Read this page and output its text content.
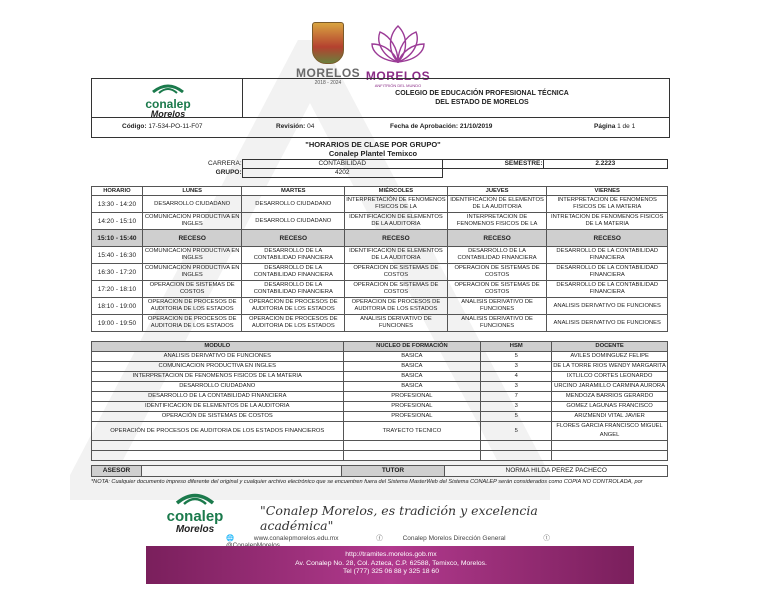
MORELOS
2018 - 2024	MORELOS
ANFITRIÓN DEL MUNDO
conalep
Morelos
COLEGIO DE EDUCACIÓN PROFESIONAL TÉCNICA
DEL ESTADO DE MORELOS
Código: 17-534-PO-11-F07	Revisión: 04	Fecha de Aprobación: 21/10/2019	Página 1 de 1
"HORARIOS DE CLASE POR GRUPO"
Conalep Plantel Temixco
CARRERA:	CONTABILIDAD	SEMESTRE:	2.2223
GRUPO:	4202		
HORARIO	LUNES	MARTES	MIÉRCOLES	JUEVES	VIERNES
13:30 - 14:20	DESARROLLO CIUDADANO	DESARROLLO CIUDADANO	INTERPRETACIÓN DE FENOMENOS FISICOS DE LA	IDENTIFICACION DE ELEMENTOS DE LA AUDITORIA	INTERPRETACION DE FENOMENOS FISICOS DE LA MATERIA
14:20 - 15:10	COMUNICACION PRODUCTIVA EN INGLES	DESARROLLO CIUDADANO	IDENTIFICACION DE ELEMENTOS DE LA AUDITORIA	INTERPRETACION DE FENOMENOS FISICOS DE LA	INTRETACION DE FENOMENOS FISICOS DE LA MATERIA
15:10 - 15:40	RECESO	RECESO	RECESO	RECESO	RECESO
15:40 - 16:30	COMUNICACION PRODUCTIVA EN INGLES	DESARROLLO DE LA CONTABILIDAD FINANCIERA	IDENTIFICACION DE ELEMENTOS DE LA AUDITORIA	DESARROLLO DE LA CONTABILIDAD FINANCIERA	DESARROLLO DE LA CONTABILIDAD FINANCIERA
16:30 - 17:20	COMUNICACION PRODUCTIVA EN INGLES	DESARROLLO DE LA CONTABILIDAD FINANCIERA	OPERACION DE SISTEMAS DE COSTOS	OPERACION DE SISTEMAS DE COSTOS	DESARROLLO DE LA CONTABILIDAD FINANCIERA
17:20 - 18:10	OPERACION DE SISTEMAS DE COSTOS	DESARROLLO DE LA CONTABILIDAD FINANCIERA	OPERACION DE SISTEMAS DE COSTOS	OPERACION DE SISTEMAS DE COSTOS	DESARROLLO DE LA CONTABILIDAD FINANCIERA
18:10 - 19:00	OPERACION DE PROCESOS DE AUDITORIA DE LOS ESTADOS	OPERACION DE PROCESOS DE AUDITORIA DE LOS ESTADOS	OPERACION DE PROCESOS DE AUDITORIA DE LOS ESTADOS	ANALISIS DERIVATIVO DE FUNCIONES	ANALISIS DERIVATIVO DE FUNCIONES
19:00 - 19:50	OPERACION DE PROCESOS DE AUDITORIA DE LOS ESTADOS	OPERACION DE PROCESOS DE AUDITORIA DE LOS ESTADOS	ANALISIS DERIVATIVO DE FUNCIONES	ANALISIS DERIVATIVO DE FUNCIONES	ANALISIS DERIVATIVO DE FUNCIONES
MODULO	NUCLEO DE FORMACIÓN	HSM	DOCENTE
ANALISIS DERIVATIVO DE FUNCIONES	BASICA	5	AVILES DOMINGUEZ FELIPE
COMUNICACION PRODUCTIVA EN INGLES	BASICA	3	DE LA TORRE RIOS WENDY MARGARITA
INTERPRETACION DE FENOMENOS FISICOS DE LA MATERIA	BASICA	4	IXTLILCO CORTES LEONARDO
DESARROLLO CIUDADANO	BASICA	3	URCINO JARAMILLO CARMINA AURORA
DESARROLLO DE LA CONTABILIDAD FINANCIERA	PROFESIONAL	7	MENDOZA BARRIOS GERARDO
IDENTIFICACION DE ELEMENTOS DE LA AUDITORIA	PROFESIONAL	3	GOMEZ LAGUNAS FRANCISCO
OPERACIÓN DE SISTEMAS DE COSTOS	PROFESIONAL	5	ARIZMENDI VITAL JAVIER
OPERACIÓN DE PROCESOS DE AUDITORIA DE LOS ESTADOS FINANCIEROS	TRAYECTO TECNICO	5	FLORES GARCIA FRANCISCO MIGUEL ANGEL

ASESOR		TUTOR	NORMA HILDA PEREZ PACHECO
*NOTA: Cualquier documento impreso diferente del original y cualquier archivo electrónico que se encuentren fuera del Sistema MasterWeb del Sistema CONALEP serán considerados como COPIA NO CONTROLADA, por
conalep
Morelos
"Conalep Morelos, es tradición y excelencia académica"
🌐	www.conalepmorelos.edu.mx	ⓕ	Conalep Morelos Dirección General	ⓣ
http://tramites.morelos.gob.mx
Av. Conalep No. 28, Col. Azteca, C.P. 62588, Temixco, Morelos.
Tel (777) 325 06 88 y 325 18 60
